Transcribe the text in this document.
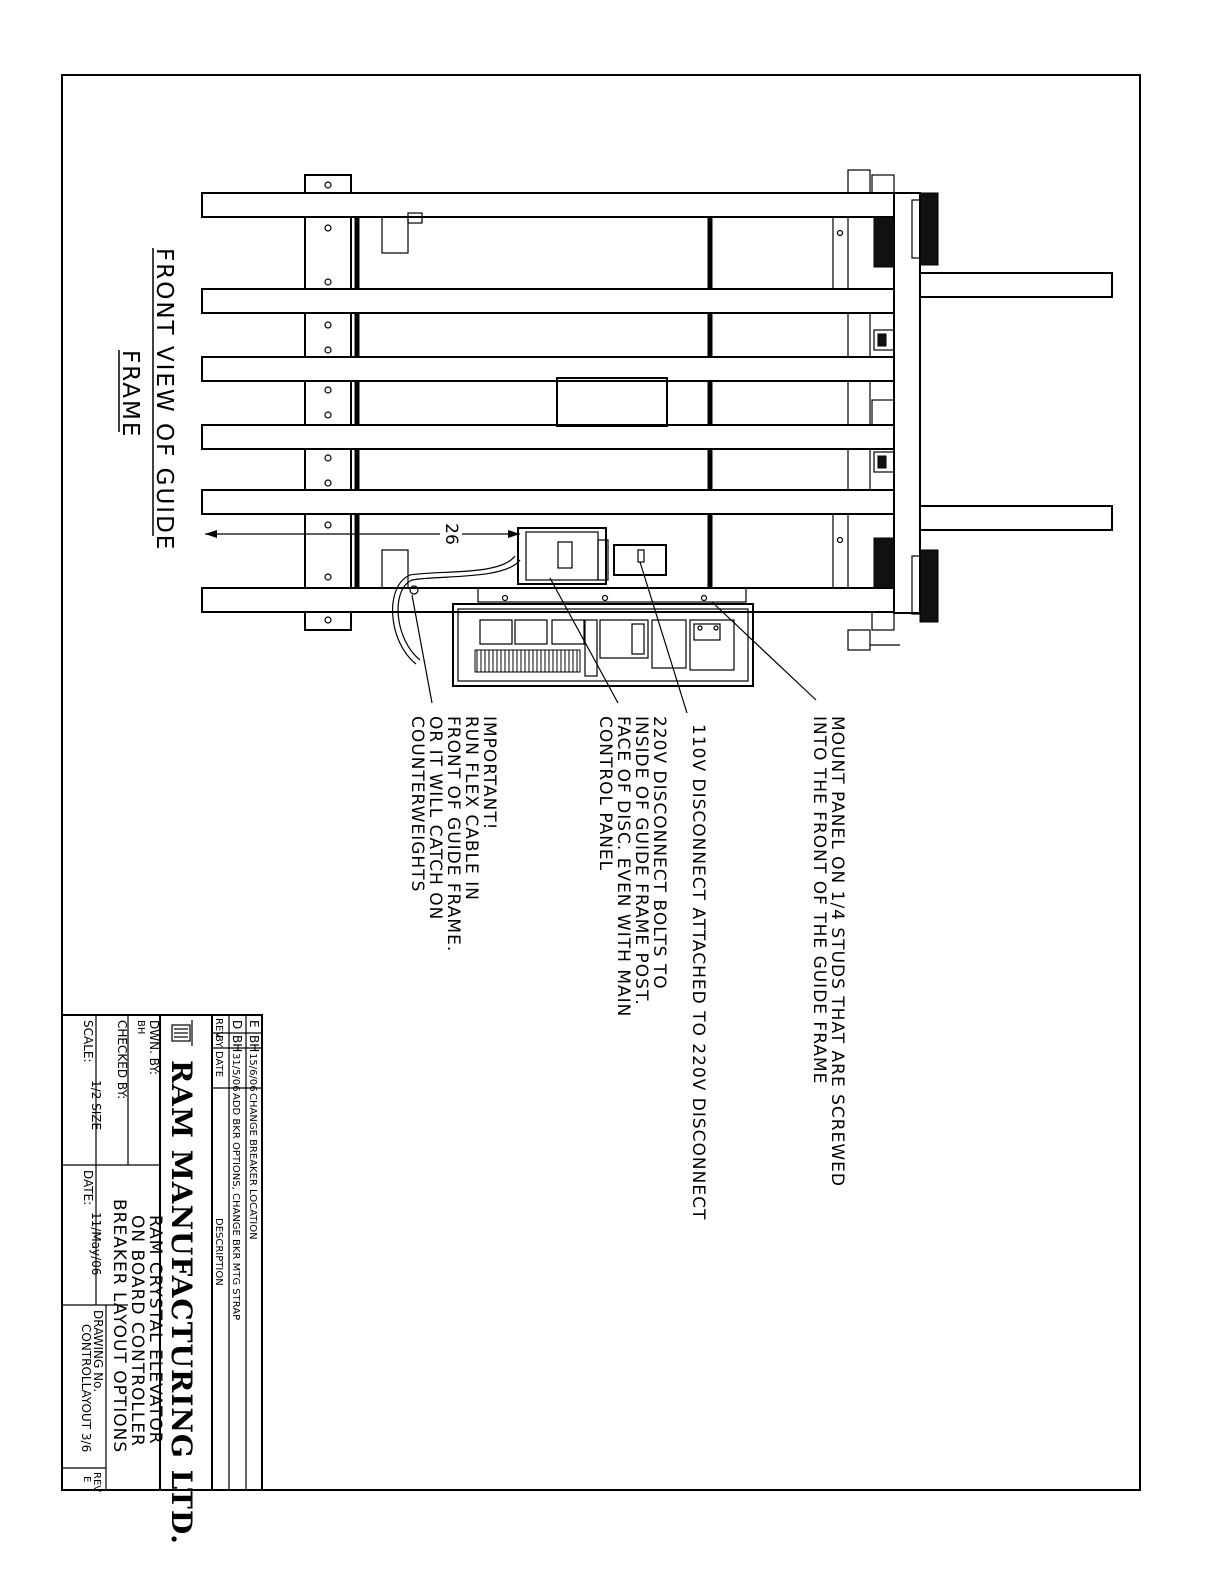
26
FRONT VIEW OF GUIDE
FRAME
MOUNT PANEL ON 1/4 STUDS THAT ARE SCREWED
INTO THE FRONT OF THE GUIDE FRAME
110V DISCONNECT ATTACHED TO 220V DISCONNECT
220V DISCONNECT BOLTS TO
INSIDE OF GUIDE FRAME POST.
FACE OF DISC. EVEN WITH MAIN
CONTROL PANEL
IMPORTANT!
RUN FLEX CABLE IN
FRONT OF GUIDE FRAME.
OR IT WILL CATCH ON
COUNTERWEIGHTS
E
BH
15/6/06
CHANGE BREAKER LOCATION
D
BH
31/5/06
ADD BKR OPTIONS, CHANGE BKR MTG STRAP
REV
BY
DATE
DESCRIPTION
RAM MANUFACTURING LTD.
DWN. BY:
BH
CHECKED BY:
SCALE:
1/2 SIZE
RAM CRYSTAL ELEVATOR
ON BOARD CONTROLLER
BREAKER LAYOUT OPTIONS
DATE:
11/May/06
DRAWING No.
CONTROLLAYOUT 3/6
REV
E
